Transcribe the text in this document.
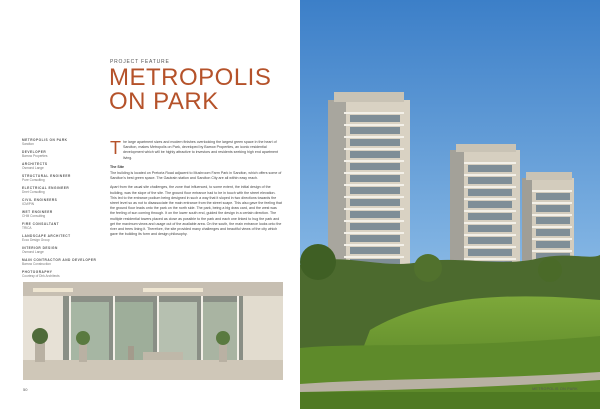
PROJECT FEATURE
METROPOLIS
ON PARK
METROPOLIS ON PARK
Sandton
DEVELOPER
Barrow Properties
ARCHITECTS
Osmond Lange
STRUCTURAL ENGINEER
Pure Consulting
ELECTRICAL ENGINEER
Dnet Consulting
CIVIL ENGINEERS
ICM/PIN
WET ENGINEER
CHM Consulting
FIRE CONSULTANT
TRICA
LANDSCAPE ARCHITECT
Ecco Design Group
INTERIOR DESIGN
Osmond Lange
MAIN CONTRACTOR AND DEVELOPER
Barrow Construction
PHOTOGRAPHY
Courtesy of Dirk Architects

The large apartment sizes and modern finishes overlooking the largest green space in the heart of Sandton, makes Metropolis on Park, developed by Barrow Properties, an iconic residential development which will be highly attractive to investors and residents seeking high end apartment living.

The Site

The building is located on Pretoria Road adjacent to Mushroom Farm Park in Sandton, which offers some of Sandton's best green space. The Gautrain station and Sandton City are all within easy reach.

Apart from the usual site challenges, the zone that influenced, to some extent, the initial design of the building, was the slope of the site. The ground floor entrance had to be in touch with the street elevation. This led to the entrance podium being designed in such a way that it sloped in two directions towards the street level so as not to disassociate the main entrance from the street scape. This also gave the feeling that the ground floor leads onto the park on the north side. The park, being a big draw card, and the west was the feeling of sun coming through. It on the lower south end, guided the design in a certain direction. The multiple residential towers placed as close as possible to the park and each one linked to hug the park and get the maximum views and usage out of the available area. On the south, the main entrance looks onto the river and trees lining it. Therefore, the site provided many challenges and beautiful views of the city which gave the building its form and design philosophy.

50	METROPOLIS ON PARK
